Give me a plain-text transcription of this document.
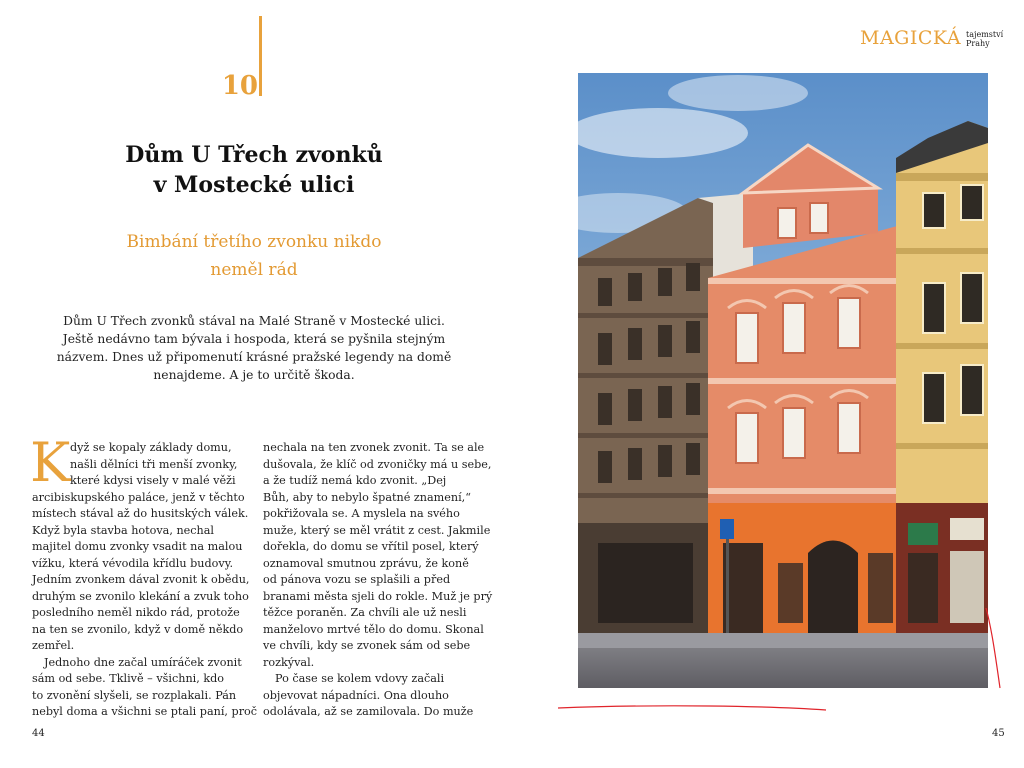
10
Dům U Třech zvonků
v Mostecké ulici
Bimbání třetího zvonku nikdo
neměl rád

Dům U Třech zvonků stával na Malé Straně v Mostecké ulici.
Ještě nedávno tam bývala i hospoda, která se pyšnila stejným
názvem. Dnes už připomenutí krásné pražské legendy na domě
nenajdeme. A je to určitě škoda.

K dyž se kopaly základy domu,
našli dělníci tři menší zvonky,
které kdysi visely v malé věži
arcibiskupského paláce, jenž v těchto
místech stával až do husitských válek.
Když byla stavba hotova, nechal
majitel domu zvonky vsadit na malou
vížku, která vévodila křídlu budovy.
Jedním zvonkem dával zvonit k obědu,
druhým se zvonilo klekání a zvuk toho
posledního neměl nikdo rád, protože
na ten se zvonilo, když v domě někdo
zemřel.
Jednoho dne začal umíráček zvonit
sám od sebe. Tklivě – všichni, kdo
to zvonění slyšeli, se rozplakali. Pán
nebyl doma a všichni se ptali paní, proč
nechala na ten zvonek zvonit. Ta se ale
dušovala, že klíč od zvoničky má u sebe,
a že tudíž nemá kdo zvonit. „Dej
Bůh, aby to nebylo špatné znamení,“
pokřižovala se. A myslela na svého
muže, který se měl vrátit z cest. Jakmile
dořekla, do domu se vřítil posel, který
oznamoval smutnou zprávu, že koně
od pánova vozu se splašili a před
branami města sjeli do rokle. Muž je prý
těžce poraněn. Za chvíli ale už nesli
manželovo mrtvé tělo do domu. Skonal
ve chvíli, kdy se zvonek sám od sebe
rozkýval.
Po čase se kolem vdovy začali
objevovat nápadníci. Ona dlouho
odolávala, až se zamilovala. Do muže
44
MAGICKÁ tajemství
Prahy
45
